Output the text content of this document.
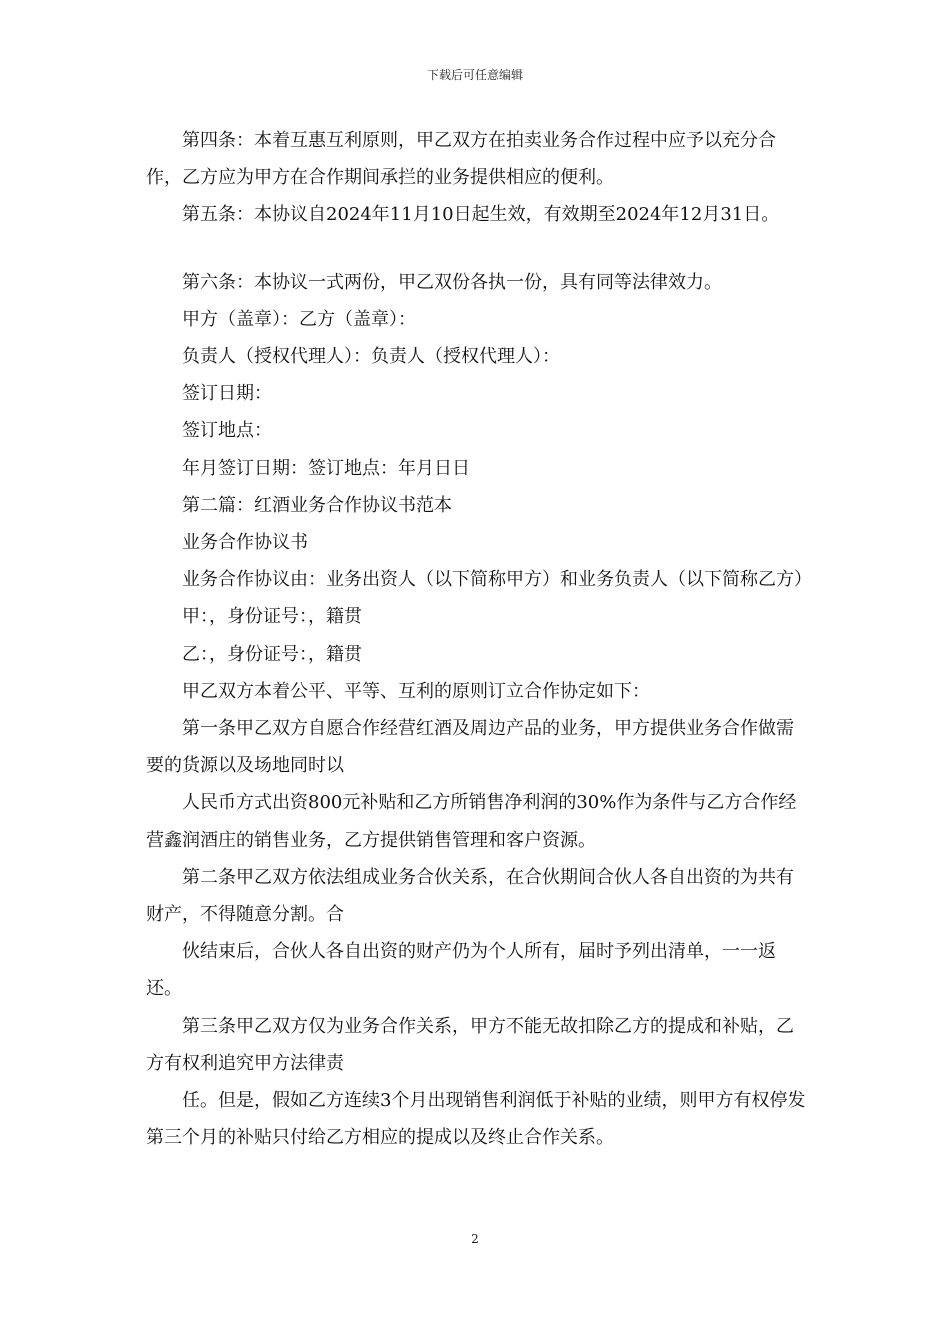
下载后可任意编辑

第四条：本着互惠互利原则，甲乙双方在拍卖业务合作过程中应予以充分合作，乙方应为甲方在合作期间承拦的业务提供相应的便利。

第五条：本协议自2024年11月10日起生效，有效期至2024年12月31日。

第六条：本协议一式两份，甲乙双份各执一份，具有同等法律效力。

甲方（盖章）：乙方（盖章）：

负责人（授权代理人）：负责人（授权代理人）：

签订日期：

签订地点：

年月签订日期：签订地点：年月日日

第二篇：红酒业务合作协议书范本

业务合作协议书

业务合作协议由：业务出资人（以下简称甲方）和业务负责人（以下简称乙方）

甲：，身份证号：，籍贯

乙：，身份证号：，籍贯

甲乙双方本着公平、平等、互利的原则订立合作协定如下：

第一条甲乙双方自愿合作经营红酒及周边产品的业务，甲方提供业务合作做需要的货源以及场地同时以

人民币方式出资800元补贴和乙方所销售净利润的30%作为条件与乙方合作经营鑫润酒庄的销售业务，乙方提供销售管理和客户资源。

第二条甲乙双方依法组成业务合伙关系，在合伙期间合伙人各自出资的为共有财产，不得随意分割。合

伙结束后，合伙人各自出资的财产仍为个人所有，届时予列出清单，一一返还。

第三条甲乙双方仅为业务合作关系，甲方不能无故扣除乙方的提成和补贴，乙方有权利追究甲方法律责

任。但是，假如乙方连续3个月出现销售利润低于补贴的业绩，则甲方有权停发第三个月的补贴只付给乙方相应的提成以及终止合作关系。

2
